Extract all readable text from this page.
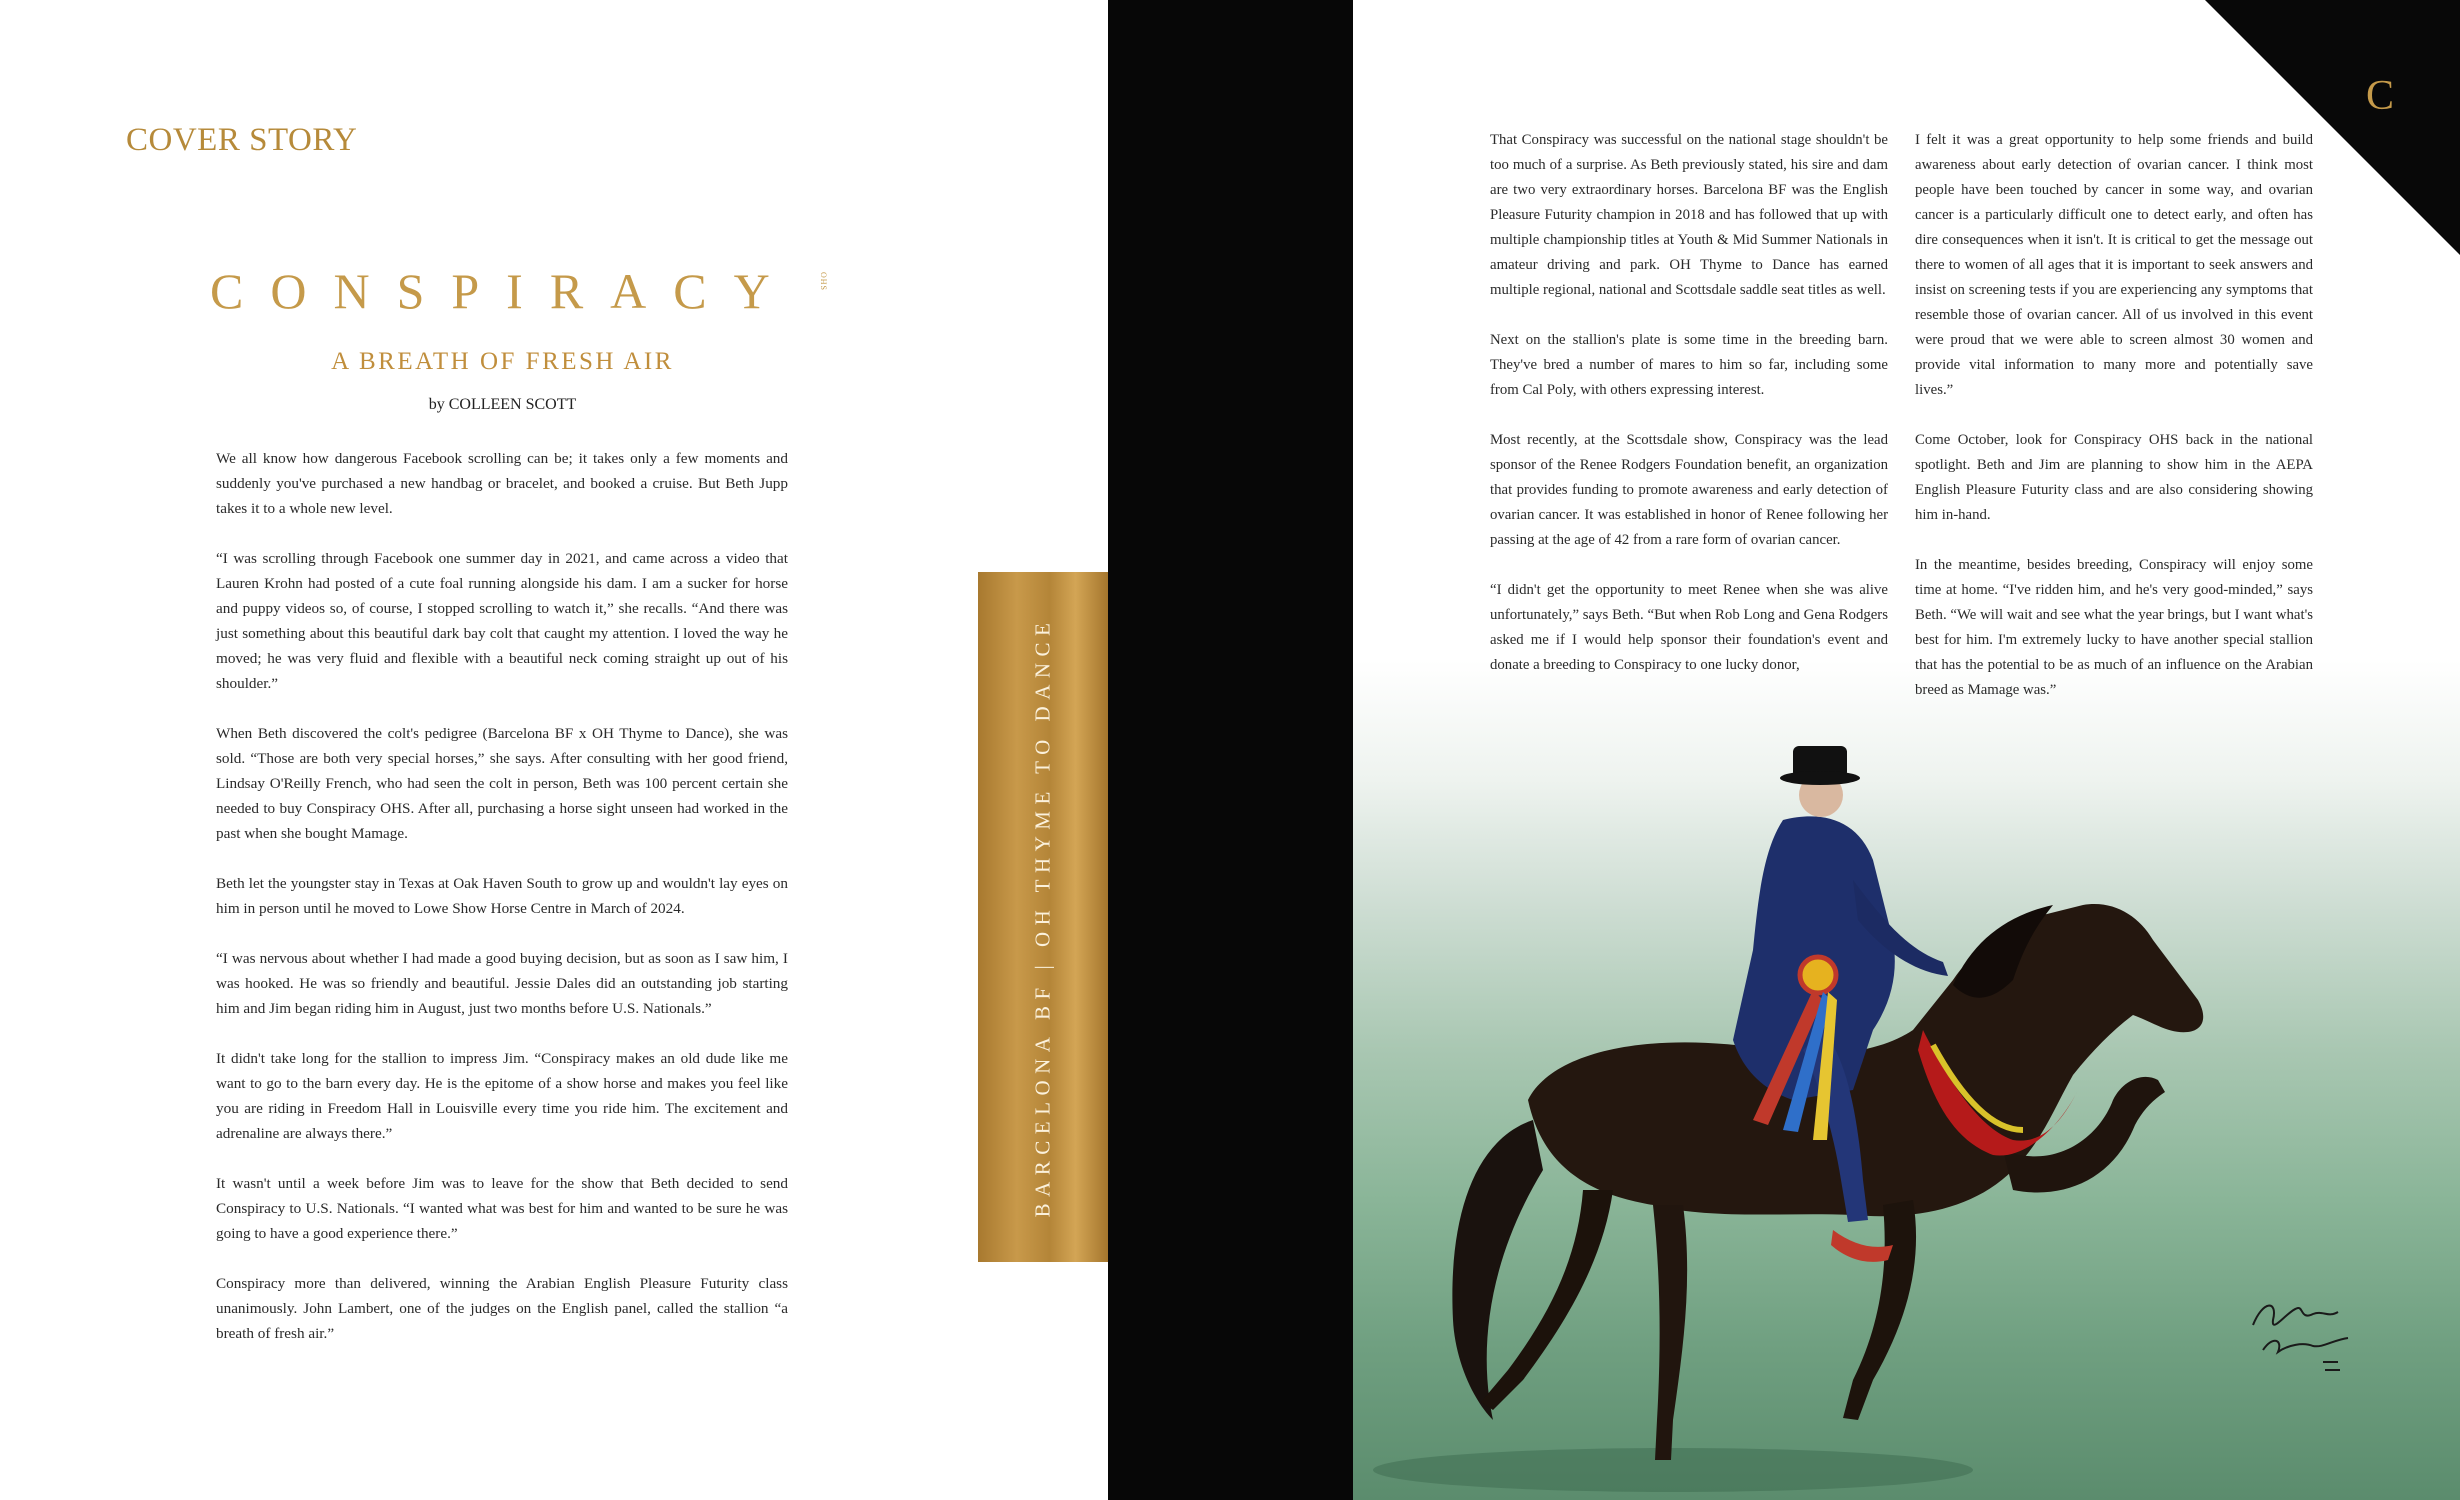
COVER STORY
CONSPIRACY	OHS
A BREATH OF FRESH AIR
by COLLEEN SCOTT

We all know how dangerous Facebook scrolling can be; it takes only a few moments and suddenly you've purchased a new handbag or bracelet, and booked a cruise. But Beth Jupp takes it to a whole new level.

“I was scrolling through Facebook one summer day in 2021, and came across a video that Lauren Krohn had posted of a cute foal running alongside his dam. I am a sucker for horse and puppy videos so, of course, I stopped scrolling to watch it,” she recalls. “And there was just something about this beautiful dark bay colt that caught my attention. I loved the way he moved; he was very fluid and flexible with a beautiful neck coming straight up out of his shoulder.”

When Beth discovered the colt's pedigree (Barcelona BF x OH Thyme to Dance), she was sold. “Those are both very special horses,” she says. After consulting with her good friend, Lindsay O'Reilly French, who had seen the colt in person, Beth was 100 percent certain she needed to buy Conspiracy OHS. After all, purchasing a horse sight unseen had worked in the past when she bought Mamage.

Beth let the youngster stay in Texas at Oak Haven South to grow up and wouldn't lay eyes on him in person until he moved to Lowe Show Horse Centre in March of 2024.

“I was nervous about whether I had made a good buying decision, but as soon as I saw him, I was hooked. He was so friendly and beautiful. Jessie Dales did an outstanding job starting him and Jim began riding him in August, just two months before U.S. Nationals.”

It didn't take long for the stallion to impress Jim. “Conspiracy makes an old dude like me want to go to the barn every day. He is the epitome of a show horse and makes you feel like you are riding in Freedom Hall in Louisville every time you ride him. The excitement and adrenaline are always there.”

It wasn't until a week before Jim was to leave for the show that Beth decided to send Conspiracy to U.S. Nationals. “I wanted what was best for him and wanted to be sure he was going to have a good experience there.”

Conspiracy more than delivered, winning the Arabian English Pleasure Futurity class unanimously. John Lambert, one of the judges on the English panel, called the stallion “a breath of fresh air.”

BARCELONA BF | OH THYME TO DANCE
C

That Conspiracy was successful on the national stage shouldn't be too much of a surprise. As Beth previously stated, his sire and dam are two very extraordinary horses. Barcelona BF was the English Pleasure Futurity champion in 2018 and has followed that up with multiple championship titles at Youth & Mid Summer Nationals in amateur driving and park. OH Thyme to Dance has earned multiple regional, national and Scottsdale saddle seat titles as well.

Next on the stallion's plate is some time in the breeding barn. They've bred a number of mares to him so far, including some from Cal Poly, with others expressing interest.

Most recently, at the Scottsdale show, Conspiracy was the lead sponsor of the Renee Rodgers Foundation benefit, an organization that provides funding to promote awareness and early detection of ovarian cancer. It was established in honor of Renee following her passing at the age of 42 from a rare form of ovarian cancer.

“I didn't get the opportunity to meet Renee when she was alive unfortunately,” says Beth. “But when Rob Long and Gena Rodgers asked me if I would help sponsor their foundation's event and donate a breeding to Conspiracy to one lucky donor,

I felt it was a great opportunity to help some friends and build awareness about early detection of ovarian cancer. I think most people have been touched by cancer in some way, and ovarian cancer is a particularly difficult one to detect early, and often has dire consequences when it isn't. It is critical to get the message out there to women of all ages that it is important to seek answers and insist on screening tests if you are experiencing any symptoms that resemble those of ovarian cancer. All of us involved in this event were proud that we were able to screen almost 30 women and provide vital information to many more and potentially save lives.”

Come October, look for Conspiracy OHS back in the national spotlight. Beth and Jim are planning to show him in the AEPA English Pleasure Futurity class and are also considering showing him in-hand.

In the meantime, besides breeding, Conspiracy will enjoy some time at home. “I've ridden him, and he's very good-minded,” says Beth. “We will wait and see what the year brings, but I want what's best for him. I'm extremely lucky to have another special stallion that has the potential to be as much of an influence on the Arabian breed as Mamage was.”
